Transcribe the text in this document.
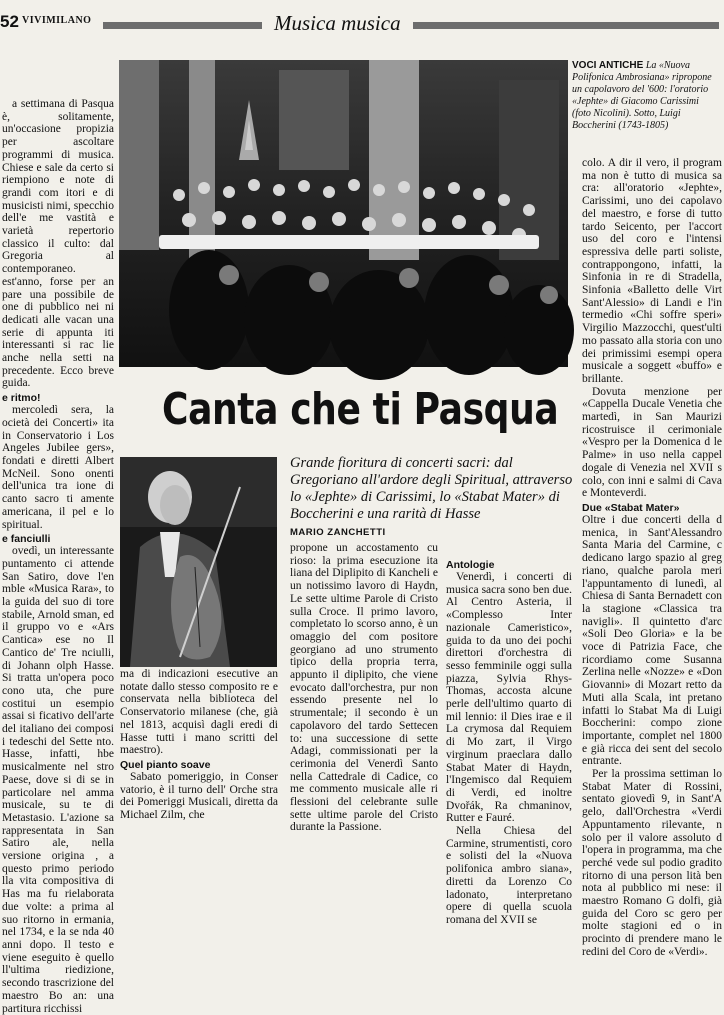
52 VIVIMILANO	Musica musica
VOCI ANTICHE La «Nuova Polifonica Ambrosiana» ripropone un capolavoro del '600: l'oratorio «Jephte» di Giacomo Carissimi (foto Nicolini). Sotto, Luigi Boccherini (1743-1805)
Canta che ti Pasqua
Grande fioritura di concerti sacri: dal Gregoriano all'ardore degli Spiritual, attraverso lo «Jephte» di Carissimi, lo «Stabat Mater» di Boccherini e una rarità di Hasse
MARIO ZANCHETTI

a settimana di Pasqua è, solitamente, un'occasione propizia per ascoltare programmi di musica. Chiese e sale da certo si riempiono e note di grandi com itori e di musicisti nimi, specchio dell'e me vastità e varietà repertorio classico il culto: dal Gregoria al contemporaneo. est'anno, forse per an pare una possibile de one di pubblico nei ni dedicati alle vacan una serie di appunta iti interessanti si rac lie anche nella setti na precedente. Ecco breve guida.

e ritmo!

mercoledì sera, la ocietà dei Concerti» ita in Conservatorio i Los Angeles Jubilee gers», fondati e diretti Albert McNeil. Sono onenti dell'unica tra ione di canto sacro ti amente americana, il pel e lo spiritual.

e fanciulli

ovedì, un interessante puntamento ci attende San Satiro, dove l'en mble «Musica Rara», to la guida del suo di tore stabile, Arnold sman, ed il gruppo vo e «Ars Cantica» ese no Il Cantico de' Tre nciulli, di Johann olph Hasse. Si tratta un'opera poco cono uta, che pure costitui un esempio assai si ficativo dell'arte del italiano dei composi i tedeschi del Sette nto. Hasse, infatti, hbe musicalmente nel stro Paese, dove si di se in particolare nel amma musicale, su te di Metastasio. L'azione sa rappresentata in San Satiro ale, nella versione origina , a questo primo periodo lla vita compositiva di Has ma fu rielaborata due volte: a prima al suo ritorno in ermania, nel 1734, e la se nda 40 anni dopo. Il testo e viene eseguito è quello ll'ultima riedizione, secondo trascrizione del maestro Bo an: una partitura ricchissi

ma di indicazioni esecutive an notate dallo stesso composito re e conservata nella biblioteca del Conservatorio milanese (che, già nel 1813, acquisì dagli eredi di Hasse tutti i mano scritti del maestro).

Quel pianto soave

Sabato pomeriggio, in Conser vatorio, è il turno dell' Orche stra dei Pomeriggi Musicali, diretta da Michael Zilm, che

propone un accostamento cu rioso: la prima esecuzione ita liana del Diplipito di Kancheli e un notissimo lavoro di Haydn, Le sette ultime Parole di Cristo sulla Croce. Il primo lavoro, completato lo scorso anno, è un omaggio del com positore georgiano ad uno strumento tipico della propria terra, appunto il diplipito, che viene evocato dall'orchestra, pur non essendo presente nel lo strumentale; il secondo è un capolavoro del tardo Settecen to: una successione di sette Adagi, commissionati per la cerimonia del Venerdì Santo nella Cattedrale di Cadice, co me commento musicale alle ri flessioni del celebrante sulle sette ultime parole del Cristo durante la Passione.

Antologie

Venerdì, i concerti di musica sacra sono ben due. Al Centro Asteria, il «Complesso Inter nazionale Cameristico», guida to da uno dei pochi direttori d'orchestra di sesso femminile oggi sulla piazza, Sylvia Rhys-Thomas, accosta alcune perle dell'ultimo quarto di mil lennio: il Dies irae e il La crymosa dal Requiem di Mo zart, il Virgo virginum praeclara dallo Stabat Mater di Haydn, l'Ingemisco dal Requiem di Verdi, ed inoltre Dvořák, Ra chmaninov, Rutter e Fauré.

Nella Chiesa del Carmine, strumentisti, coro e solisti del la «Nuova polifonica ambro siana», diretti da Lorenzo Co ladonato, interpretano opere di quella scuola romana del XVII se

colo. A dir il vero, il program ma non è tutto di musica sa cra: all'oratorio «Jephte», Carissimi, uno dei capolavo del maestro, e forse di tutto tardo Seicento, per l'accort uso del coro e l'intensi espressiva delle parti soliste, contrappongono, infatti, la Sinfonia in re di Stradella, Sinfonia «Balletto delle Virt Sant'Alessio» di Landi e l'in termedio «Chi soffre speri» Virgilio Mazzocchi, quest'ulti mo passato alla storia con uno dei primissimi esempi opera musicale a soggett «buffo» e brillante.

Dovuta menzione per «Cappella Ducale Venetia che martedì, in San Maurizi ricostruisce il cerimoniale «Vespro per la Domenica d le Palme» in uso nella cappel dogale di Venezia nel XVII s colo, con inni e salmi di Cava e Monteverdi.

Due «Stabat Mater»

Oltre i due concerti della d menica, in Sant'Alessandro Santa Maria del Carmine, c dedicano largo spazio al greg riano, qualche parola meri l'appuntamento di lunedì, al Chiesa di Santa Bernadett con la stagione «Classica tra navigli». Il quintetto d'arc «Soli Deo Gloria» e la be voce di Patrizia Face, che ricordiamo come Susanna Zerlina nelle «Nozze» e «Don Giovanni» di Mozart retto da Muti alla Scala, int pretano infatti lo Stabat Ma di Luigi Boccherini: compo zione importante, complet nel 1800 e già ricca dei sent del secolo entrante.

Per la prossima settiman lo Stabat Mater di Rossini, sentato giovedì 9, in Sant'A gelo, dall'Orchestra «Verdi Appuntamento rilevante, n solo per il valore assoluto d l'opera in programma, ma che perché vede sul podio gradito ritorno di una person lità ben nota al pubblico mi nese: il maestro Romano G dolfi, già guida del Coro sc gero per molte stagioni ed o in procinto di prendere mano le redini del Coro de «Verdi».
